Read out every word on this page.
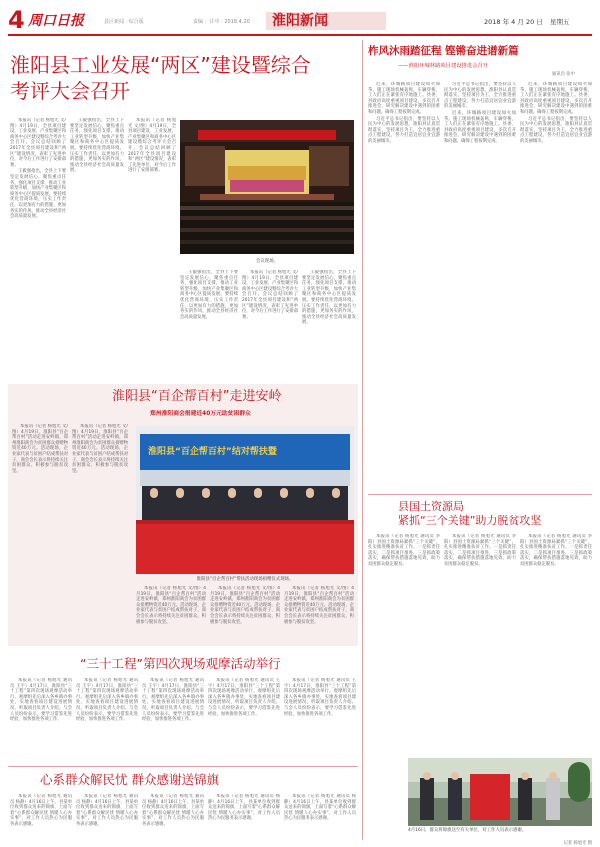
4 周口日报	县区新闻 · 综合版	责编 ：许中 · 2018.4.20	淮阳新闻	2018 年 4 月 20 日	星期五
淮阳县工业发展“两区”建设暨综合
考评大会召开

本报讯（记者 杨旭光 文/图）4月19日，全县项目建设、工业发展、产业集聚区和商务中心区建设暨综合考评大会召开。会议总结回顾了2017年全县项目建设和“两区”建设情况，表彰了先进单位，对今后工作进行了安排部署。

王毅强指出，全县上下要坚定发展信心，聚焦重点任务，强化项目支撑，推动工业转型升级，加快产业集聚区和商务中心区提质发展。要持续优化营商环境，压实工作责任，以更加有力的措施、更加务实的作风，推动全县经济社会高质量发展。

王毅强指出，全县上下要坚定发展信心，聚焦重点任务，强化项目支撑，推动工业转型升级，加快产业集聚区和商务中心区提质发展。要持续优化营商环境，压实工作责任，以更加有力的措施、更加务实的作风，推动全县经济社会高质量发展。

本报讯（记者 杨旭光 文/图）4月19日，全县项目建设、工业发展、产业集聚区和商务中心区建设暨综合考评大会召开。会议总结回顾了2017年全县项目建设和“两区”建设情况，表彰了先进单位，对今后工作进行了安排部署。

会议现场。

王毅强指出，全县上下要坚定发展信心，聚焦重点任务，强化项目支撑，推动工业转型升级，加快产业集聚区和商务中心区提质发展。要持续优化营商环境，压实工作责任，以更加有力的措施、更加务实的作风，推动全县经济社会高质量发展。

本报讯（记者 杨旭光 文/图）4月19日，全县项目建设、工业发展、产业集聚区和商务中心区建设暨综合考评大会召开。会议总结回顾了2017年全县项目建设和“两区”建设情况，表彰了先进单位，对今后工作进行了安排部署。

王毅强指出，全县上下要坚定发展信心，聚焦重点任务，强化项目支撑，推动工业转型升级，加快产业集聚区和商务中心区提质发展。要持续优化营商环境，压实工作责任，以更加有力的措施、更加务实的作风，推动全县经济社会高质量发展。

柞风沐雨踏征程 铿锵奋进谱新篇
——淮阳环城林路项目建设推进会召开
通讯员 张中

近来，环城路项目建设如火如荼。施工现场机械轰鸣，车辆穿梭，工人们正在紧张有序地施工。县委、县政府高度重视项目建设，多次召开推进会，研究解决建设中遇到的困难和问题，确保工程按期完成。

习近平总书记指出，要坚持以人民为中心的发展思想。淮阳县认真贯彻落实，坚持项目为王，全力推进重点工程建设，努力打造宜居宜业宜游的美丽城市。

习近平总书记指出，要坚持以人民为中心的发展思想。淮阳县认真贯彻落实，坚持项目为王，全力推进重点工程建设，努力打造宜居宜业宜游的美丽城市。

近来，环城路项目建设如火如荼。施工现场机械轰鸣，车辆穿梭，工人们正在紧张有序地施工。县委、县政府高度重视项目建设，多次召开推进会，研究解决建设中遇到的困难和问题，确保工程按期完成。

近来，环城路项目建设如火如荼。施工现场机械轰鸣，车辆穿梭，工人们正在紧张有序地施工。县委、县政府高度重视项目建设，多次召开推进会，研究解决建设中遇到的困难和问题，确保工程按期完成。

习近平总书记指出，要坚持以人民为中心的发展思想。淮阳县认真贯彻落实，坚持项目为王，全力推进重点工程建设，努力打造宜居宜业宜游的美丽城市。

县国土资源局
紧抓“三个关键”助力脱贫攻坚

本报讯（记者 杨旭光 通讯员 李阳）县国土资源局紧抓“三个关键”，扎实推进精准扶贫工作。一是抓责任落实，二是抓项目推进，三是抓政策落实，确保帮扶措施落地见效，助力贫困群众稳定脱贫。

本报讯（记者 杨旭光 通讯员 李阳）县国土资源局紧抓“三个关键”，扎实推进精准扶贫工作。一是抓责任落实，二是抓项目推进，三是抓政策落实，确保帮扶措施落地见效，助力贫困群众稳定脱贫。

本报讯（记者 杨旭光 通讯员 李阳）县国土资源局紧抓“三个关键”，扎实推进精准扶贫工作。一是抓责任落实，二是抓项目推进，三是抓政策落实，确保帮扶措施落地见效，助力贫困群众稳定脱贫。

淮阳县“百企帮百村”走进安岭
郑州淮阳商会捐建近40万元助贫困群众

本报讯（记者 杨旭光 文/图）4月19日，淮阳县“百企帮百村”活动走进安岭镇，郑州淮阳商会为贫困群众捐赠物资近40万元。活动现场，企业家代表与贫困户结成帮扶对子，商会会长表示将持续关注贫困群众，积极参与脱贫攻坚。

本报讯（记者 杨旭光 文/图）4月19日，淮阳县“百企帮百村”活动走进安岭镇，郑州淮阳商会为贫困群众捐赠物资近40万元。活动现场，企业家代表与贫困户结成帮扶对子，商会会长表示将持续关注贫困群众，积极参与脱贫攻坚。

淮阳县“百企帮百村”结对帮扶暨
淮阳县“百企帮百村”帮扶活动现场捐赠仪式现场。

本报讯（记者 杨旭光 文/图）4月19日，淮阳县“百企帮百村”活动走进安岭镇，郑州淮阳商会为贫困群众捐赠物资近40万元。活动现场，企业家代表与贫困户结成帮扶对子，商会会长表示将持续关注贫困群众，积极参与脱贫攻坚。

本报讯（记者 杨旭光 文/图）4月19日，淮阳县“百企帮百村”活动走进安岭镇，郑州淮阳商会为贫困群众捐赠物资近40万元。活动现场，企业家代表与贫困户结成帮扶对子，商会会长表示将持续关注贫困群众，积极参与脱贫攻坚。

本报讯（记者 杨旭光 文/图）4月19日，淮阳县“百企帮百村”活动走进安岭镇，郑州淮阳商会为贫困群众捐赠物资近40万元。活动现场，企业家代表与贫困户结成帮扶对子，商会会长表示将持续关注贫困群众，积极参与脱贫攻坚。

“三十工程”第四次现场观摩活动举行

本报讯（记者 杨旭光 通讯员 王宇）4月17日，淮阳县“三十工程”第四次现场观摩活动举行。观摩组先后深入各乡镇办事处，实地查看项目建设进展情况，听取项目负责人介绍。与会人员纷纷表示，要学习借鉴先进经验，加快推进各项工作。

本报讯（记者 杨旭光 通讯员 王宇）4月17日，淮阳县“三十工程”第四次现场观摩活动举行。观摩组先后深入各乡镇办事处，实地查看项目建设进展情况，听取项目负责人介绍。与会人员纷纷表示，要学习借鉴先进经验，加快推进各项工作。

本报讯（记者 杨旭光 通讯员 王宇）4月17日，淮阳县“三十工程”第四次现场观摩活动举行。观摩组先后深入各乡镇办事处，实地查看项目建设进展情况，听取项目负责人介绍。与会人员纷纷表示，要学习借鉴先进经验，加快推进各项工作。

本报讯（记者 杨旭光 通讯员 王宇）4月17日，淮阳县“三十工程”第四次现场观摩活动举行。观摩组先后深入各乡镇办事处，实地查看项目建设进展情况，听取项目负责人介绍。与会人员纷纷表示，要学习借鉴先进经验，加快推进各项工作。

本报讯（记者 杨旭光 通讯员 王宇）4月17日，淮阳县“三十工程”第四次现场观摩活动举行。观摩组先后深入各乡镇办事处，实地查看项目建设进展情况，听取项目负责人介绍。与会人员纷纷表示，要学习借鉴先进经验，加快推进各项工作。

心系群众解民忧 群众感谢送锦旗

本报讯（记者 杨旭光 通讯员 杨静）4月16日上午，县某单位收到群众送来的锦旗，上面写着“心系群众解民忧 情暖人心办实事”，对工作人员热心为民服务表示感谢。

本报讯（记者 杨旭光 通讯员 杨静）4月16日上午，县某单位收到群众送来的锦旗，上面写着“心系群众解民忧 情暖人心办实事”，对工作人员热心为民服务表示感谢。

本报讯（记者 杨旭光 通讯员 杨静）4月16日上午，县某单位收到群众送来的锦旗，上面写着“心系群众解民忧 情暖人心办实事”，对工作人员热心为民服务表示感谢。

本报讯（记者 杨旭光 通讯员 杨静）4月16日上午，县某单位收到群众送来的锦旗，上面写着“心系群众解民忧 情暖人心办实事”，对工作人员热心为民服务表示感谢。

本报讯（记者 杨旭光 通讯员 杨静）4月16日上午，县某单位收到群众送来的锦旗，上面写着“心系群众解民忧 情暖人心办实事”，对工作人员热心为民服务表示感谢。

4月16日，群众将锦旗送至有关单位，对工作人员表示感谢。
记者 杨旭光 摄
